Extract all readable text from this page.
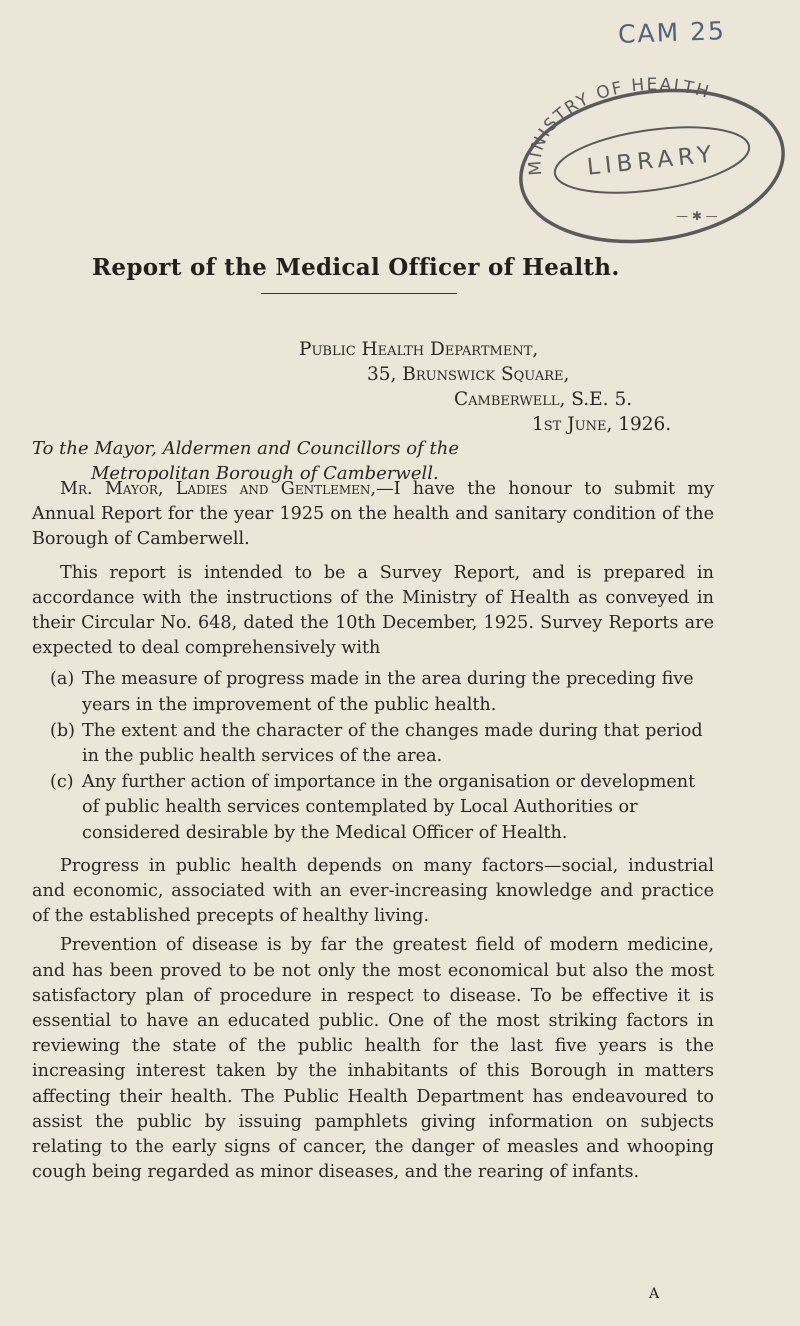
CAM 25
MINISTRY OF HEALTH
LIBRARY
— ✱ —
Report of the Medical Officer of Health.
Public Health Department,
35, Brunswick Square,
Camberwell, S.E. 5.
1st June, 1926.
To the Mayor, Aldermen and Councillors of the
Metropolitan Borough of Camberwell.

Mr. Mayor, Ladies and Gentlemen,—I have the honour to submit my Annual Report for the year 1925 on the health and sanitary condition of the Borough of Camberwell.

This report is intended to be a Survey Report, and is prepared in accordance with the instructions of the Ministry of Health as conveyed in their Circular No. 648, dated the 10th December, 1925. Survey Reports are expected to deal comprehensively with

(a) The measure of progress made in the area during the preceding five years in the improvement of the public health.
(b) The extent and the character of the changes made during that period in the public health services of the area.
(c) Any further action of importance in the organisation or development of public health services contemplated by Local Authorities or considered desirable by the Medical Officer of Health.

Progress in public health depends on many factors—social, industrial and economic, associated with an ever-increasing knowledge and practice of the established precepts of healthy living.

Prevention of disease is by far the greatest field of modern medicine, and has been proved to be not only the most economical but also the most satisfactory plan of procedure in respect to disease. To be effective it is essential to have an educated public. One of the most striking factors in reviewing the state of the public health for the last five years is the increasing interest taken by the inhabitants of this Borough in matters affecting their health. The Public Health Department has endeavoured to assist the public by issuing pamphlets giving information on subjects relating to the early signs of cancer, the danger of measles and whooping cough being regarded as minor diseases, and the rearing of infants.

A
